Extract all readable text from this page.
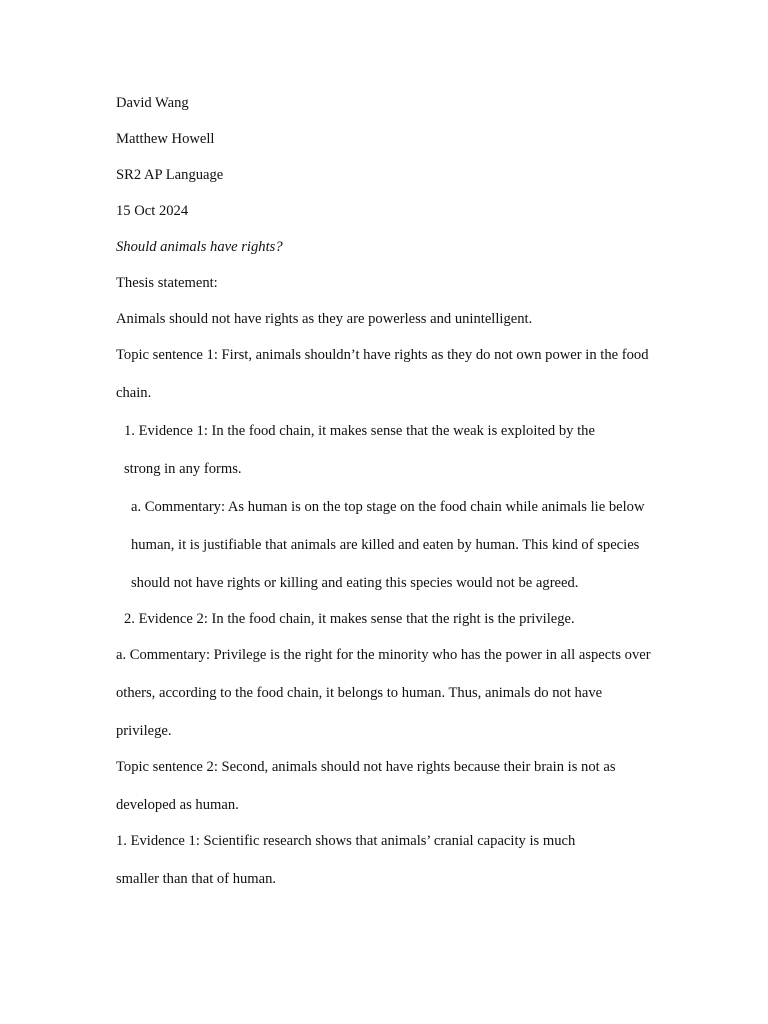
David Wang
Matthew Howell
SR2 AP Language
15 Oct 2024
Should animals have rights?
Thesis statement:
Animals should not have rights as they are powerless and unintelligent.
Topic sentence 1: First, animals shouldn’t have rights as they do not own power in the food chain.
1. Evidence 1: In the food chain, it makes sense that the weak is exploited by the strong in any forms.
a. Commentary: As human is on the top stage on the food chain while animals lie below human, it is justifiable that animals are killed and eaten by human. This kind of species should not have rights or killing and eating this species would not be agreed.
2. Evidence 2: In the food chain, it makes sense that the right is the privilege.
a. Commentary: Privilege is the right for the minority who has the power in all aspects over others, according to the food chain, it belongs to human. Thus, animals do not have privilege.
Topic sentence 2: Second, animals should not have rights because their brain is not as developed as human.
1. Evidence 1: Scientific research shows that animals’ cranial capacity is much smaller than that of human.
